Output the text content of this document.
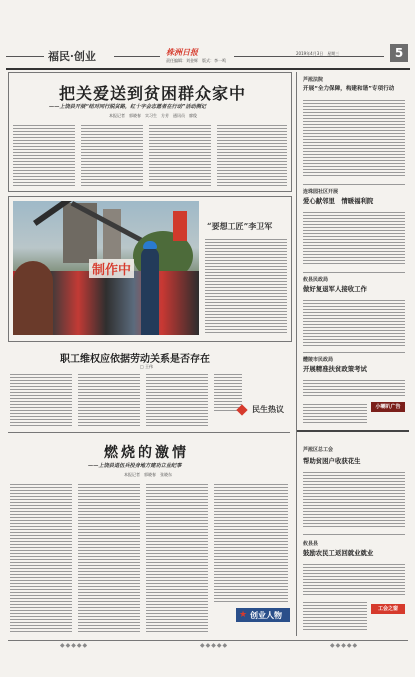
福民·创业	株洲日报
责任编辑：刘金辉　版式：李一鸣
2019年4月3日　星期三	5
把关爱送到贫困群众家中
——上饶县开展“结对同行脱贫路，红十字会志愿者在行动”活动侧记
本报记者　郭晓春　实习生　方芳　通讯员　廖俊
制作中
“要想工匠”李卫军
职工维权应依据劳动关系是否存在
□ 王伟
民生热议
燃烧的激情
——上饶县退伍兵投身地方建功立业纪事
本报记者　郭晓春　张晓东
★ 创业人物
芦淞法院
开展“全力保障，构建和谐”专项行动
连珠园社区开展
爱心献邻里　情暖福利院
攸县民政局
做好复退军人接收工作
醴陵市民政局
开展精准扶贫政策考试
小喇叭广告
芦淞区总工会
帮助贫困户收获花生
攸县县
鼓励农民工返回就业就业
工会之窗
◆◆◆◆◆	◆◆◆◆◆	◆◆◆◆◆
